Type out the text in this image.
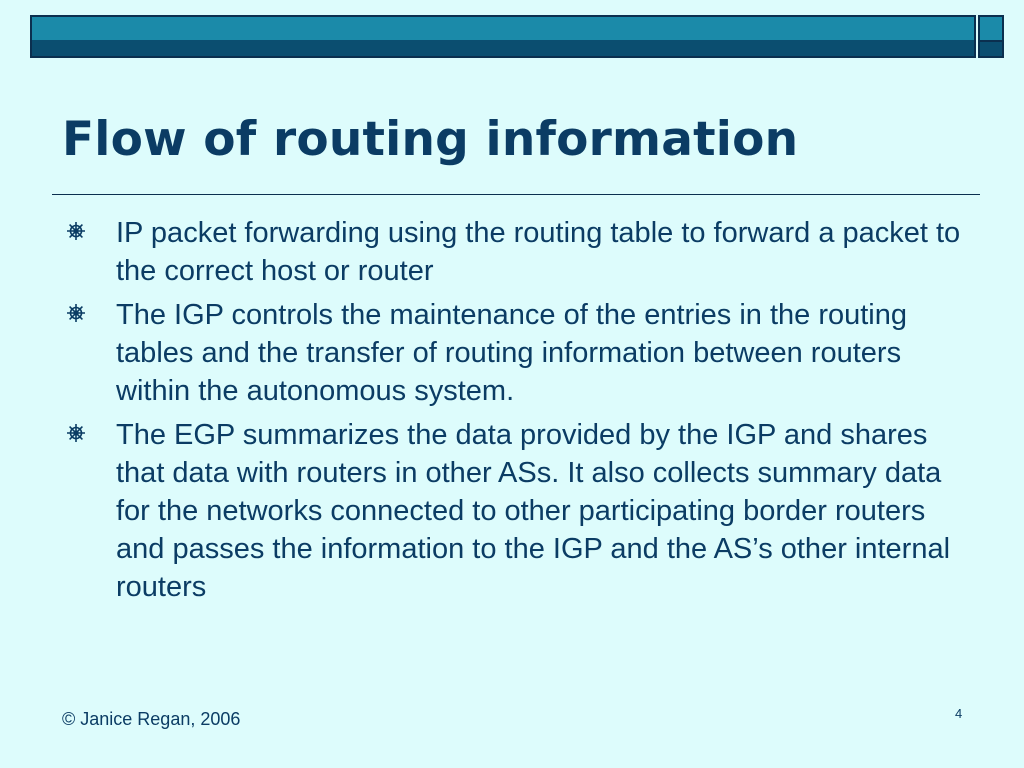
Flow of routing information
IP packet forwarding using the routing table to forward a packet to the correct host or router
The IGP controls the maintenance of the entries in the routing tables and the transfer of routing information between routers within the autonomous system.
The EGP summarizes the data provided by the IGP and shares that data with routers in other ASs. It also collects summary data for the networks connected to other participating border routers and passes the information to the IGP and the AS’s other internal routers
© Janice Regan, 2006	4
